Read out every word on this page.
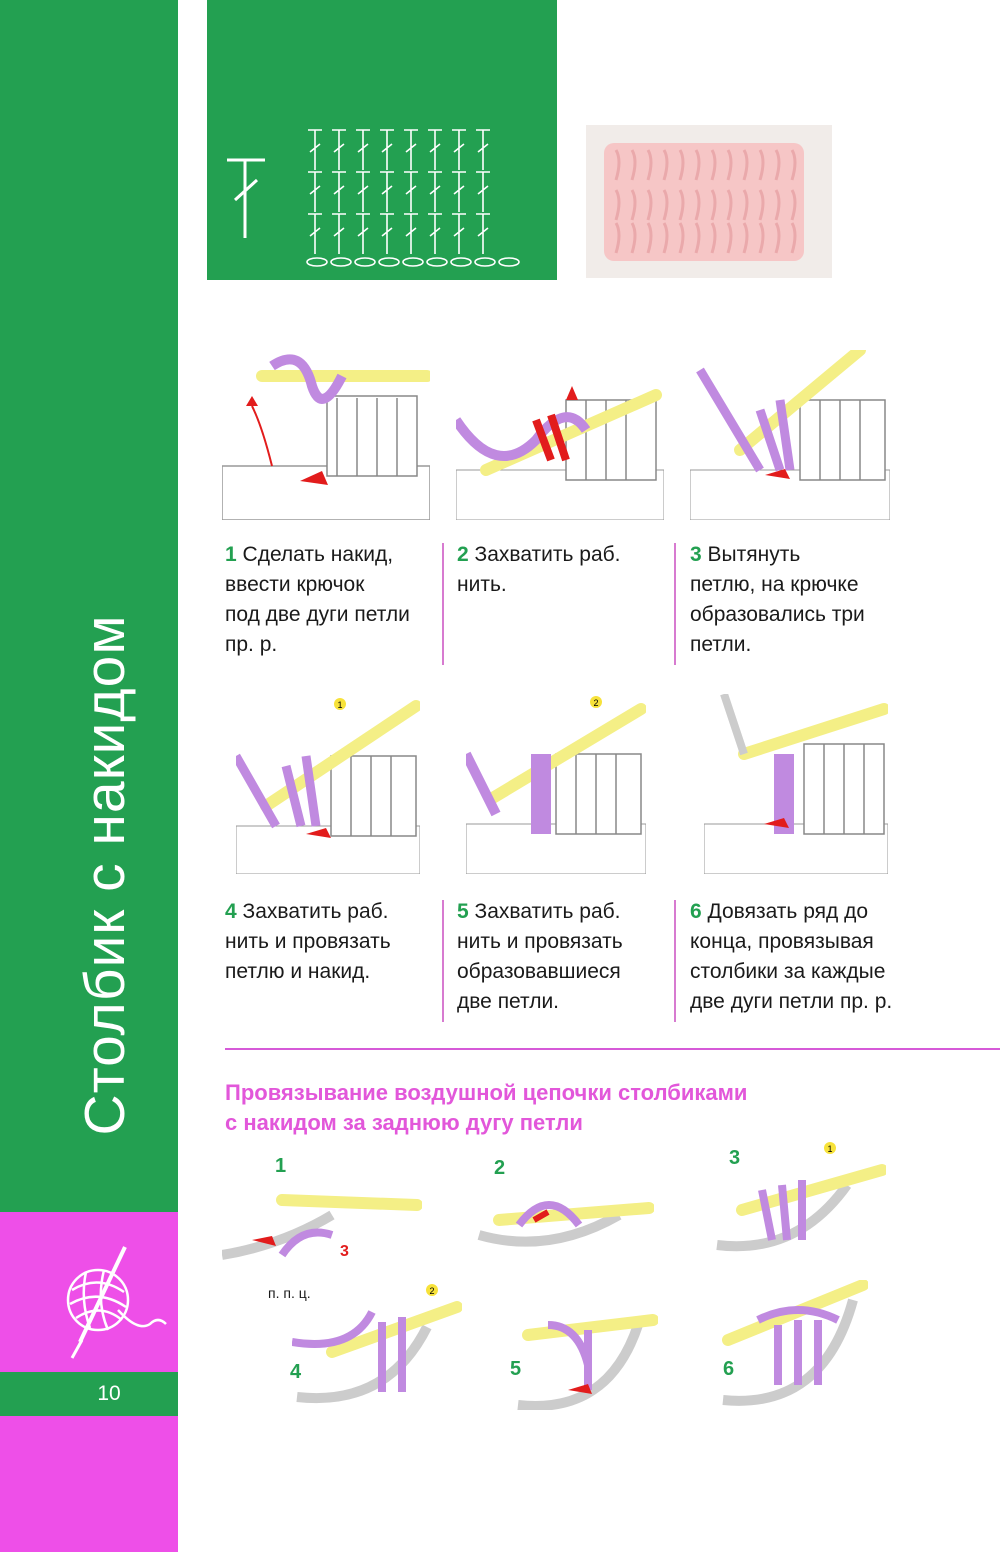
Столбик с накидом
10
1 Сделать накид,
ввести крючок
под две дуги петли
пр. р.
2 Захватить раб.
нить.
3 Вытянуть
петлю, на крючке
образовались три
петли.
1	2
4 Захватить раб.
нить и провязать
петлю и накид.
5 Захватить раб.
нить и провязать
образовавшиеся
две петли.
6 Довязать ряд до
конца, провязывая
столбики за каждые
две дуги петли пр. р.
Провязывание воздушной цепочки столбиками
с накидом за заднюю дугу петли
1	2	3
4	5	6
3
п. п. ц.
1
2
